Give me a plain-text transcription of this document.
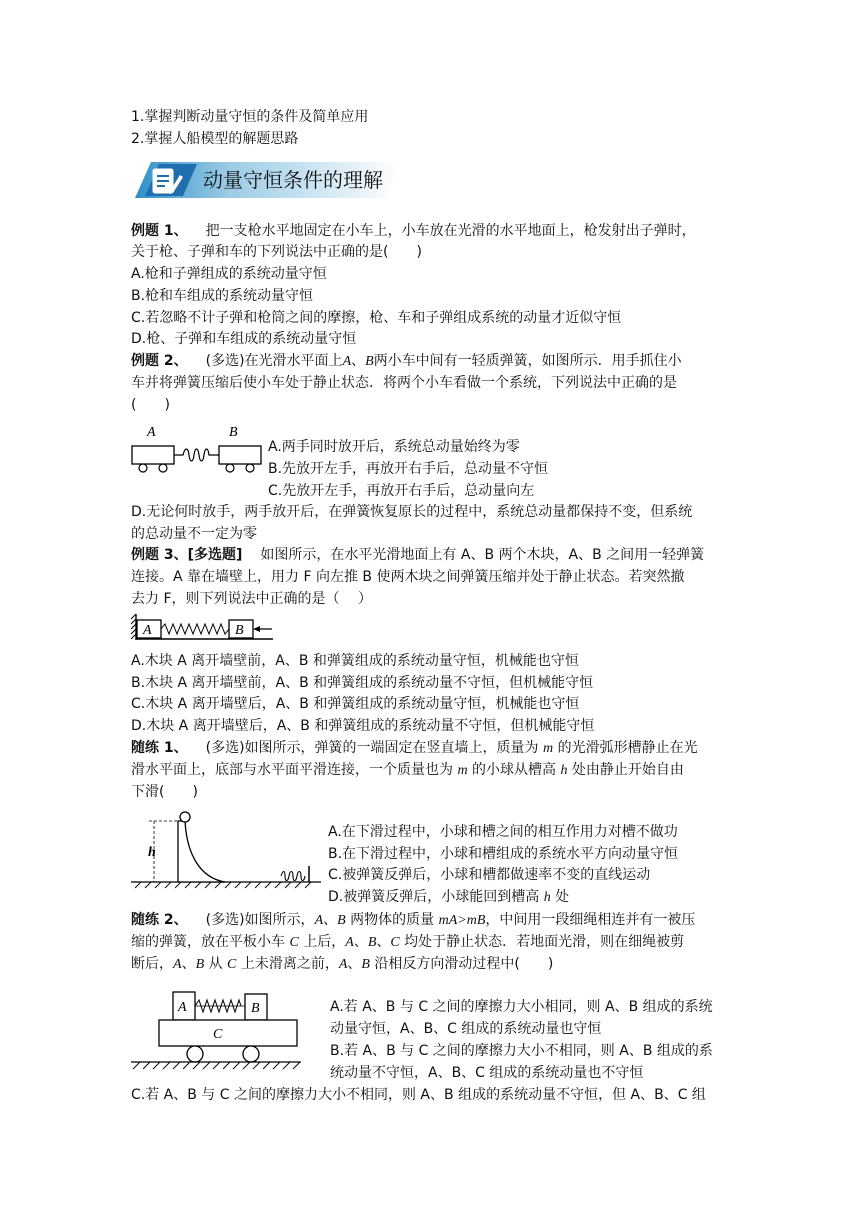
1.掌握判断动量守恒的条件及简单应用
2.掌握人船模型的解题思路
动量守恒条件的理解
例题 1、 把一支枪水平地固定在小车上，小车放在光滑的水平地面上，枪发射出子弹时，
关于枪、子弹和车的下列说法中正确的是(　　)
A.枪和子弹组成的系统动量守恒
B.枪和车组成的系统动量守恒
C.若忽略不计子弹和枪筒之间的摩擦，枪、车和子弹组成系统的动量才近似守恒
D.枪、子弹和车组成的系统动量守恒
例题 2、 (多选)在光滑水平面上A、B两小车中间有一轻质弹簧，如图所示．用手抓住小
车并将弹簧压缩后使小车处于静止状态．将两个小车看做一个系统，下列说法中正确的是
(　　)
A	B
A.两手同时放开后，系统总动量始终为零
B.先放开左手，再放开右手后，总动量不守恒
C.先放开左手，再放开右手后，总动量向左
D.无论何时放手，两手放开后，在弹簧恢复原长的过程中，系统总动量都保持不变，但系统
的总动量不一定为零
例题 3、[多选题] 如图所示，在水平光滑地面上有 A、B 两个木块，A、B 之间用一轻弹簧
连接。A 靠在墙壁上，用力 F 向左推 B 使两木块之间弹簧压缩并处于静止状态。若突然撤
去力 F，则下列说法中正确的是（　 ）
A	B
A.木块 A 离开墙壁前，A、B 和弹簧组成的系统动量守恒，机械能也守恒
B.木块 A 离开墙壁前，A、B 和弹簧组成的系统动量不守恒，但机械能守恒
C.木块 A 离开墙壁后，A、B 和弹簧组成的系统动量守恒，机械能也守恒
D.木块 A 离开墙壁后，A、B 和弹簧组成的系统动量不守恒，但机械能守恒
随练 1、 (多选)如图所示，弹簧的一端固定在竖直墙上，质量为 m 的光滑弧形槽静止在光
滑水平面上，底部与水平面平滑连接，一个质量也为 m 的小球从槽高 h 处由静止开始自由
下滑(　　)
h
A.在下滑过程中，小球和槽之间的相互作用力对槽不做功
B.在下滑过程中，小球和槽组成的系统水平方向动量守恒
C.被弹簧反弹后，小球和槽都做速率不变的直线运动
D.被弹簧反弹后，小球能回到槽高 h 处
随练 2、 (多选)如图所示，A、B 两物体的质量 mA>mB，中间用一段细绳相连并有一被压
缩的弹簧，放在平板小车 C 上后，A、B、C 均处于静止状态．若地面光滑，则在细绳被剪
断后，A、B 从 C 上未滑离之前，A、B 沿相反方向滑动过程中(　　)
A	B
C
A.若 A、B 与 C 之间的摩擦力大小相同，则 A、B 组成的系统
动量守恒，A、B、C 组成的系统动量也守恒
B.若 A、B 与 C 之间的摩擦力大小不相同，则 A、B 组成的系
统动量不守恒，A、B、C 组成的系统动量也不守恒
C.若 A、B 与 C 之间的摩擦力大小不相同，则 A、B 组成的系统动量不守恒，但 A、B、C 组
